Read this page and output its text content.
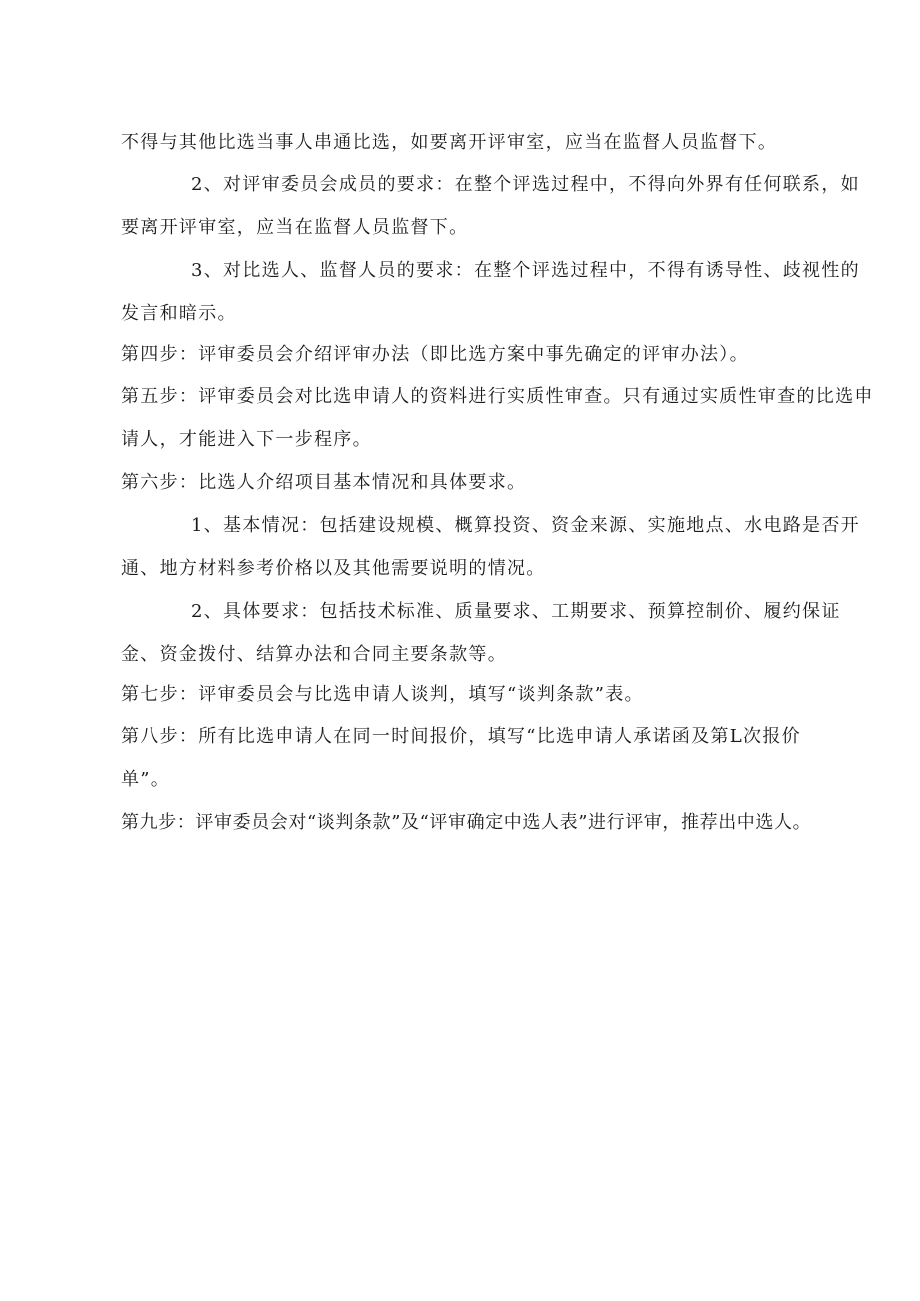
不得与其他比选当事人串通比选，如要离开评审室，应当在监督人员监督下。

2、对评审委员会成员的要求：在整个评选过程中，不得向外界有任何联系，如要离开评审室，应当在监督人员监督下。

3、对比选人、监督人员的要求：在整个评选过程中，不得有诱导性、歧视性的发言和暗示。

第四步：评审委员会介绍评审办法（即比选方案中事先确定的评审办法）。

第五步：评审委员会对比选申请人的资料进行实质性审查。只有通过实质性审查的比选申请人，才能进入下一步程序。

第六步：比选人介绍项目基本情况和具体要求。

1、基本情况：包括建设规模、概算投资、资金来源、实施地点、水电路是否开通、地方材料参考价格以及其他需要说明的情况。

2、具体要求：包括技术标准、质量要求、工期要求、预算控制价、履约保证金、资金拨付、结算办法和合同主要条款等。

第七步：评审委员会与比选申请人谈判，填写“谈判条款”表。

第八步：所有比选申请人在同一时间报价，填写“比选申请人承诺函及第L次报价单”。

第九步：评审委员会对“谈判条款”及“评审确定中选人表”进行评审，推荐出中选人。
